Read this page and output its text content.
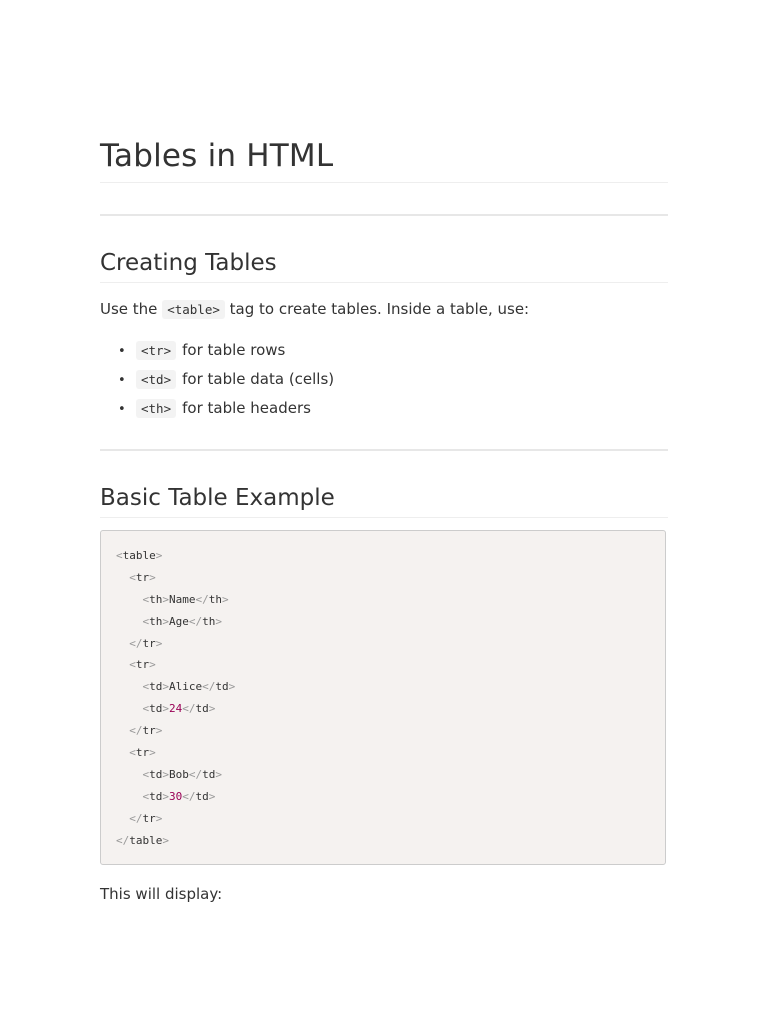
Tables in HTML
Creating Tables

Use the <table> tag to create tables. Inside a table, use:

• <tr> for table rows
• <td> for table data (cells)
• <th> for table headers
Basic Table Example
<table>
<tr>
<th>Name</th>
<th>Age</th>
</tr>
<tr>
<td>Alice</td>
<td>24</td>
</tr>
<tr>
<td>Bob</td>
<td>30</td>
</tr>
</table>

This will display:
